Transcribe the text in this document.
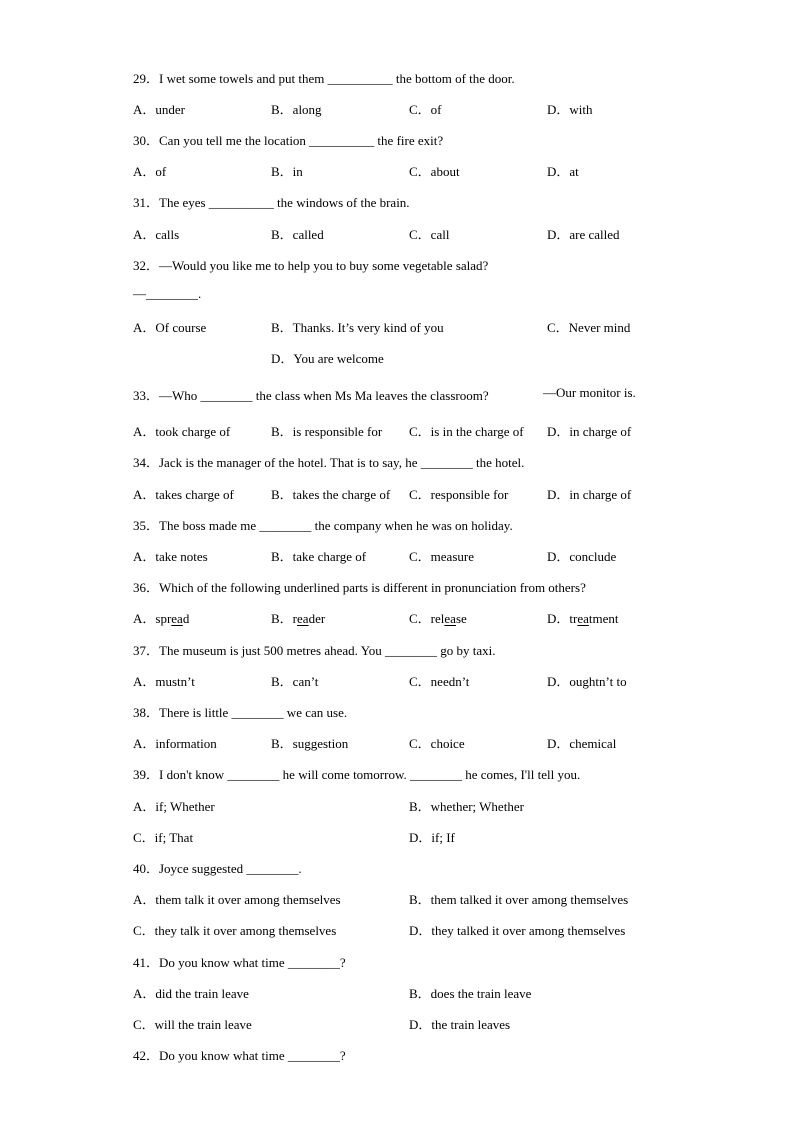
29．I wet some towels and put them __________ the bottom of the door.
A．under	B．along	C．of	D．with
30．Can you tell me the location __________ the fire exit?
A．of	B．in	C．about	D．at
31．The eyes __________ the windows of the brain.
A．calls	B．called	C．call	D．are called
32．—Would you like me to help you to buy some vegetable salad?
—________.
A．Of course	B．Thanks. It’s very kind of you	C．Never mind
D．You are welcome
33．—Who ________ the class when Ms Ma leaves the classroom?	—Our monitor is.
A．took charge of	B．is responsible for C．is in the charge of D．in charge of
34．Jack is the manager of the hotel. That is to say, he ________ the hotel.
A．takes charge of	B．takes the charge of C．responsible for	D．in charge of
35．The boss made me ________ the company when he was on holiday.
A．take notes	B．take charge of	C．measure	D．conclude
36．Which of the following underlined parts is different in pronunciation from others?
A．spread	B．reader	C．release	D．treatment
37．The museum is just 500 metres ahead. You ________ go by taxi.
A．mustn’t	B．can’t	C．needn’t	D．oughtn’t to
38．There is little ________ we can use.
A．information	B．suggestion	C．choice	D．chemical
39．I don't know ________ he will come tomorrow. ________ he comes, I'll tell you.
A．if; Whether	B．whether; Whether
C．if; That	D．if; If
40．Joyce suggested ________.
A．them talk it over among themselves	B．them talked it over among themselves
C．they talk it over among themselves	D．they talked it over among themselves
41．Do you know what time ________?
A．did the train leave	B．does the train leave
C．will the train leave	D．the train leaves
42．Do you know what time ________?
